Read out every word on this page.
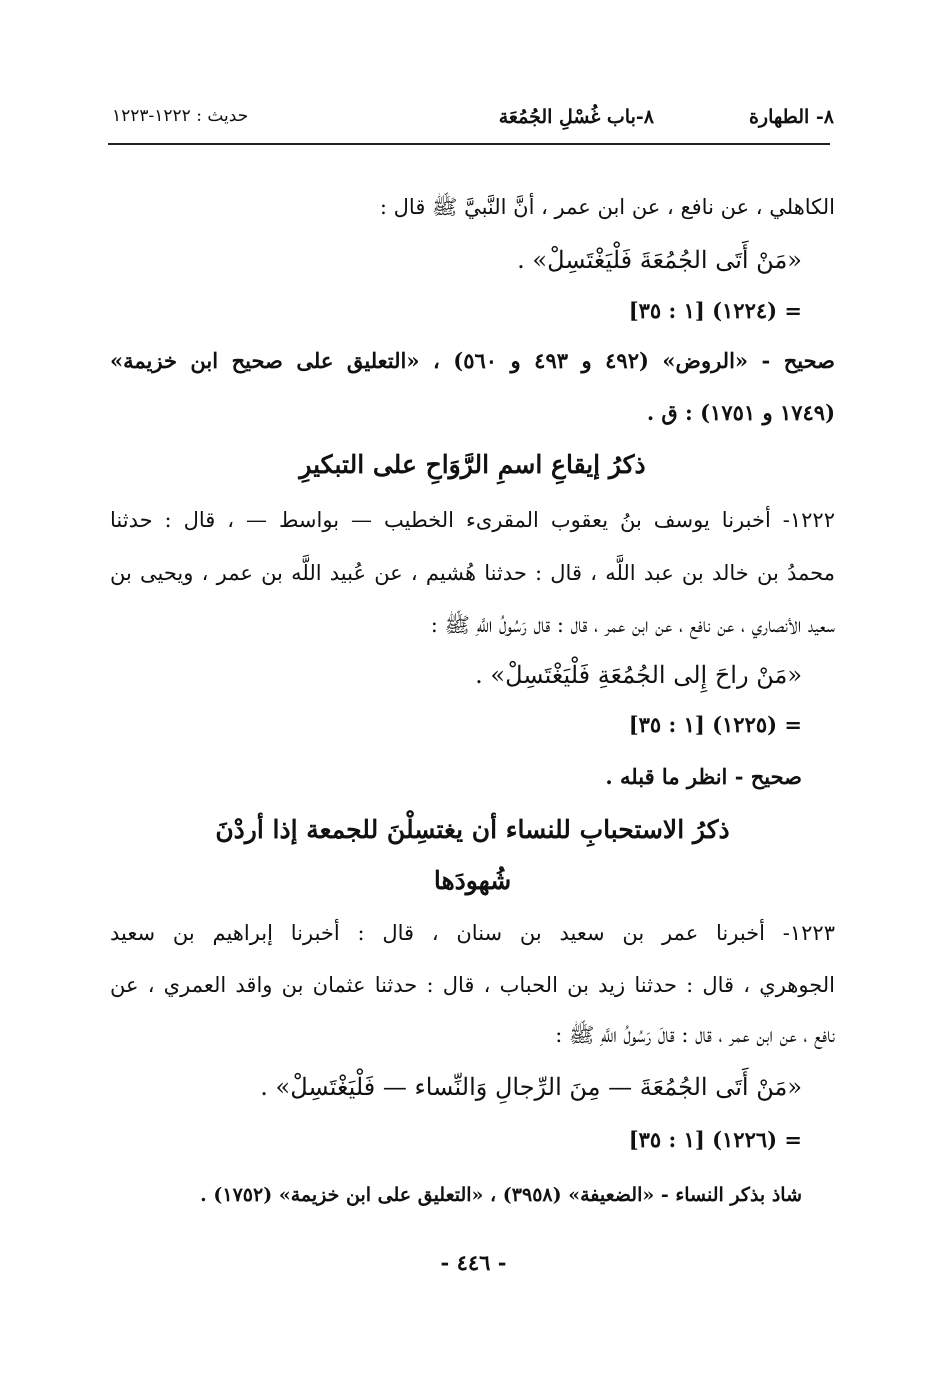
٨- الطهارة
٨-باب غُسْلِ الجُمُعَة
حديث : ١٢٢٢-١٢٢٣
الكاهلي ، عن نافع ، عن ابن عمر ، أنَّ النَّبيَّ ﷺ قال :
«مَنْ أَتَى الجُمُعَةَ فَلْيَغْتَسِلْ» .
= (١٢٢٤) [١ : ٣٥]
صحيح - «الروض» (٤٩٢ و ٤٩٣ و ٥٦٠) ، «التعليق على صحيح ابن خزيمة»
(١٧٤٩ و ١٧٥١) : ق .
ذكرُ إيقاعِ اسمِ الرَّوَاحِ على التبكيرِ
١٢٢٢- أخبرنا يوسف بنُ يعقوب المقرىء الخطيب — بواسط — ، قال : حدثنا
محمدُ بن خالد بن عبد اللَّه ، قال : حدثنا هُشيم ، عن عُبيد اللَّه بن عمر ، ويحيى بن
سعيد الأنصاري ، عن نافع ، عن ابن عمر ، قال : قال رَسُولُ اللَّهِ ﷺ :
«مَنْ راحَ إِلى الجُمُعَةِ فَلْيَغْتَسِلْ» .
= (١٢٢٥) [١ : ٣٥]
صحيح - انظر ما قبله .
ذكرُ الاستحبابِ للنساء أن يغتسِلْنَ للجمعة إذا أردْنَ
شُهودَها
١٢٢٣- أخبرنا عمر بن سعيد بن سنان ، قال : أخبرنا إبراهيم بن سعيد
الجوهري ، قال : حدثنا زيد بن الحباب ، قال : حدثنا عثمان بن واقد العمري ، عن
نافع ، عن ابن عمر ، قال : قالَ رَسُولُ اللَّهِ ﷺ :
«مَنْ أَتَى الجُمُعَةَ — مِنَ الرِّجالِ وَالنِّساء — فَلْيَغْتَسِلْ» .
= (١٢٢٦) [١ : ٣٥]
شاذ بذكر النساء - «الضعيفة» (٣٩٥٨) ، «التعليق على ابن خزيمة» (١٧٥٢) .
- ٤٤٦ -
